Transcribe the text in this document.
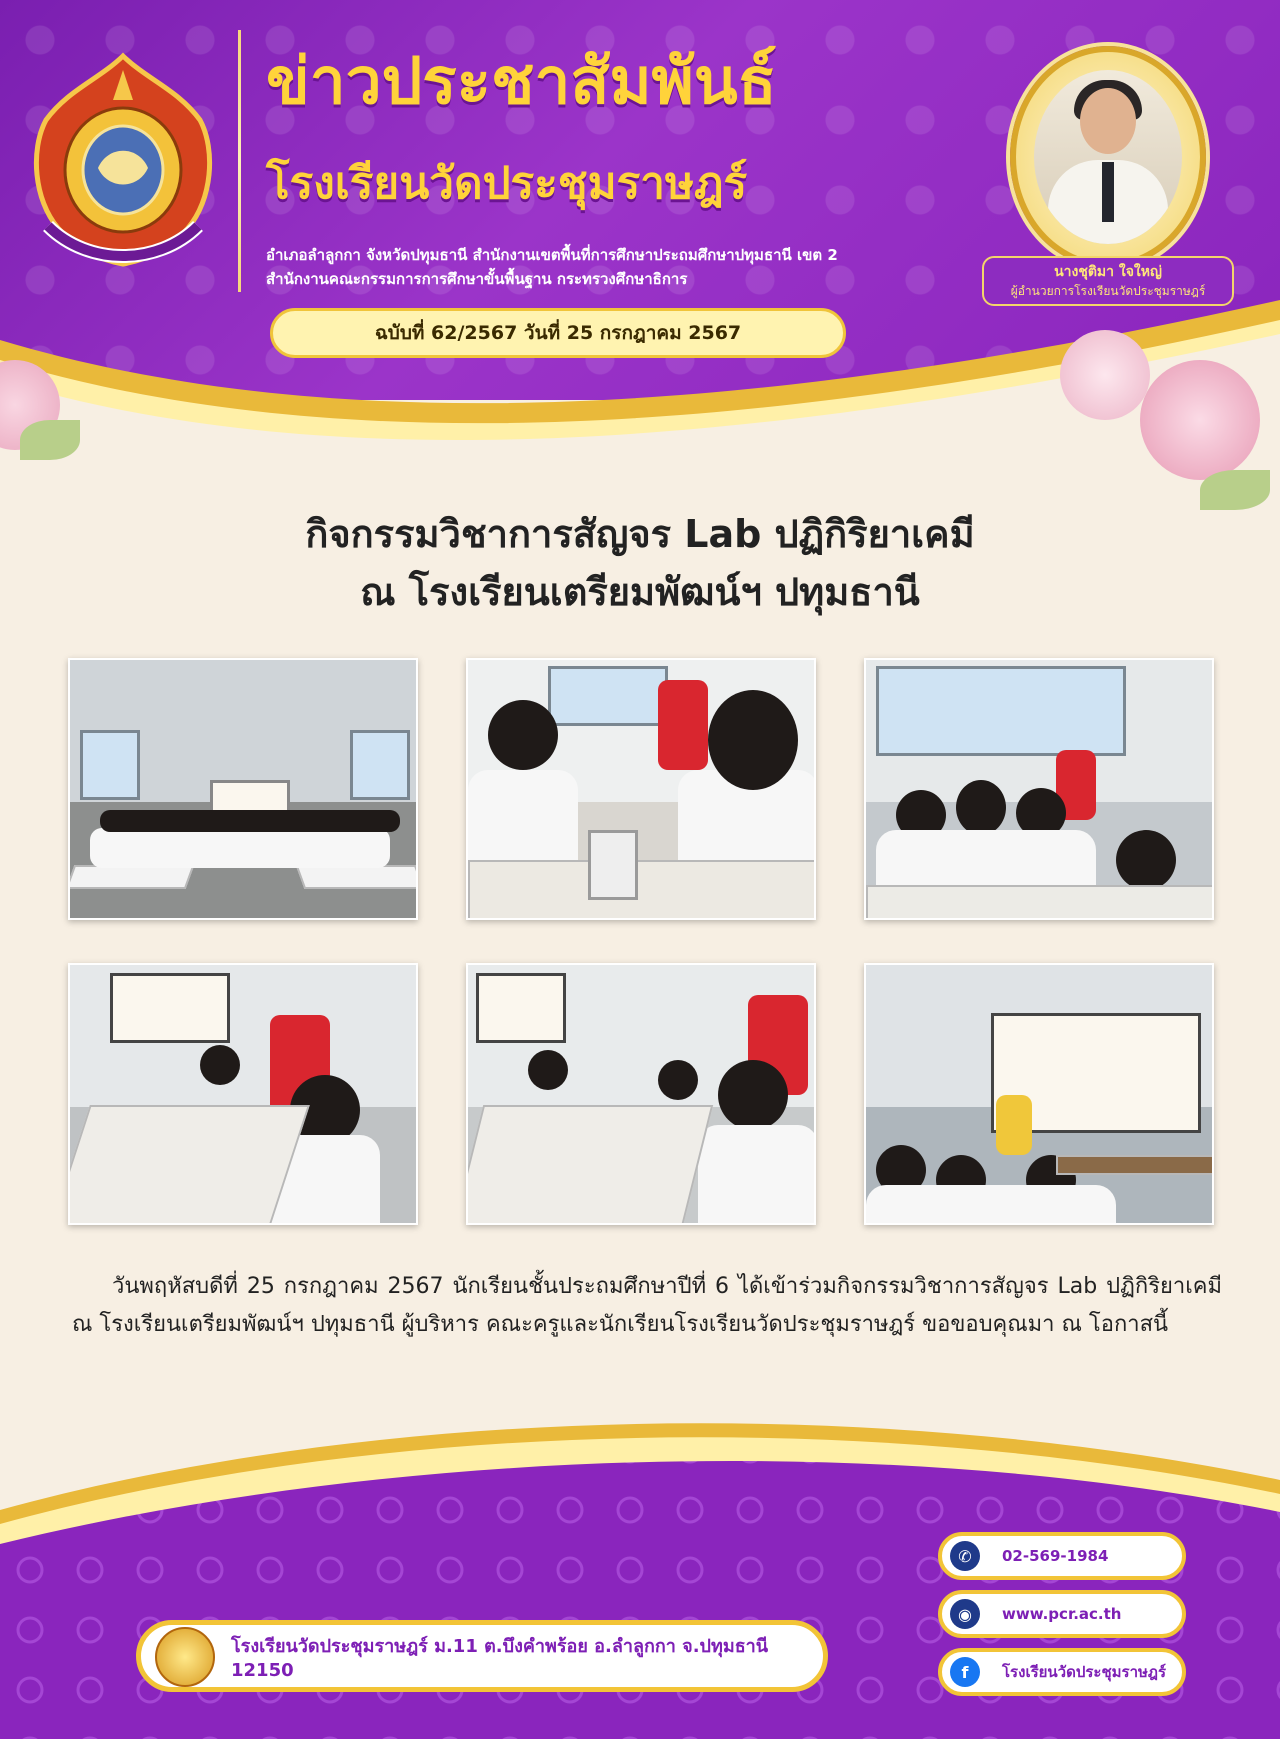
ข่าวประชาสัมพันธ์
โรงเรียนวัดประชุมราษฎร์
อำเภอลำลูกกา จังหวัดปทุมธานี สำนักงานเขตพื้นที่การศึกษาประถมศึกษาปทุมธานี เขต 2
สำนักงานคณะกรรมการการศึกษาขั้นพื้นฐาน กระทรวงศึกษาธิการ
ฉบับที่ 62/2567 วันที่ 25 กรกฎาคม 2567
นางชุติมา ใจใหญ่
ผู้อำนวยการโรงเรียนวัดประชุมราษฎร์
กิจกรรมวิชาการสัญจร Lab ปฏิกิริยาเคมี
ณ โรงเรียนเตรียมพัฒน์ฯ ปทุมธานี
วันพฤหัสบดีที่ 25 กรกฎาคม 2567 นักเรียนชั้นประถมศึกษาปีที่ 6 ได้เข้าร่วมกิจกรรมวิชาการสัญจร Lab ปฏิกิริยาเคมี ณ โรงเรียนเตรียมพัฒน์ฯ ปทุมธานี ผู้บริหาร คณะครูและนักเรียนโรงเรียนวัดประชุมราษฎร์ ขอขอบคุณมา ณ โอกาสนี้
โรงเรียนวัดประชุมราษฎร์ ม.11 ต.บึงคำพร้อย อ.ลำลูกกา จ.ปทุมธานี 12150
✆	02-569-1984
◉	www.pcr.ac.th
f	โรงเรียนวัดประชุมราษฎร์
